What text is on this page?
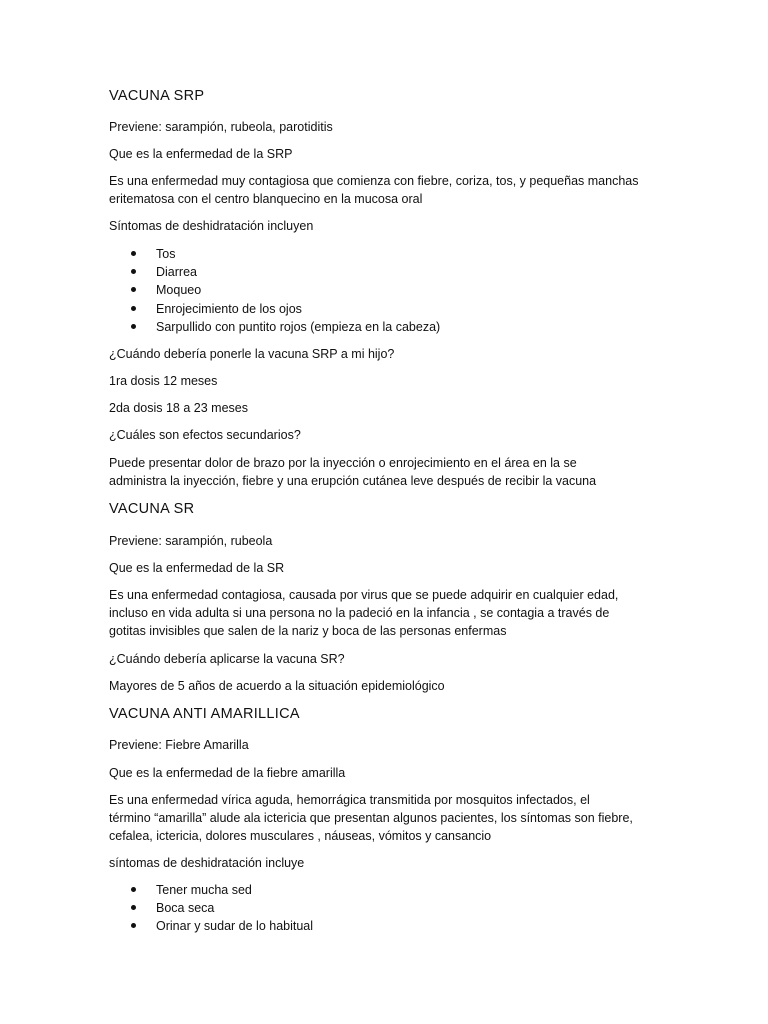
VACUNA SRP
Previene: sarampión, rubeola, parotiditis
Que es la enfermedad de la SRP
Es una enfermedad muy contagiosa que comienza con fiebre, coriza, tos, y pequeñas manchas
eritematosa con el centro blanquecino en la mucosa oral
Síntomas de deshidratación incluyen
Tos
Diarrea
Moqueo
Enrojecimiento de los ojos
Sarpullido con puntito rojos (empieza en la cabeza)
¿Cuándo debería ponerle la vacuna SRP a mi hijo?
1ra dosis 12 meses
2da dosis 18 a 23 meses
¿Cuáles son efectos secundarios?
Puede presentar dolor de brazo por la inyección o enrojecimiento en el área en la se
administra la inyección, fiebre y una erupción cutánea leve después de recibir la vacuna
VACUNA SR
Previene: sarampión, rubeola
Que es la enfermedad de la SR
Es una enfermedad contagiosa, causada por virus que se puede adquirir en cualquier edad,
incluso en vida adulta si una persona no la padeció en la infancia , se contagia a través de
gotitas invisibles que salen de la nariz y boca de las personas enfermas
¿Cuándo debería aplicarse la vacuna SR?
Mayores de 5 años de acuerdo a la situación epidemiológico
VACUNA ANTI AMARILLICA
Previene: Fiebre Amarilla
Que es la enfermedad de la fiebre amarilla
Es una enfermedad vírica aguda, hemorrágica transmitida por mosquitos infectados, el
término “amarilla” alude ala ictericia que presentan algunos pacientes, los síntomas son fiebre,
cefalea, ictericia, dolores musculares , náuseas, vómitos y cansancio
síntomas de deshidratación incluye
Tener mucha sed
Boca seca
Orinar y sudar de lo habitual
